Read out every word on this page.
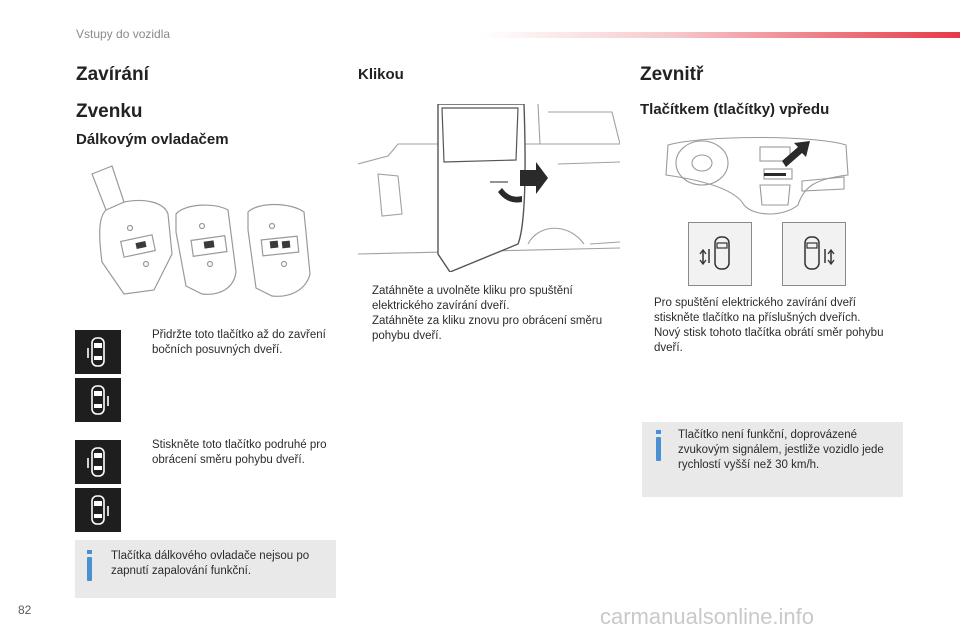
Vstupy do vozidla
Zavírání
Zvenku
Dálkovým ovladačem
Přidržte toto tlačítko až do zavření bočních posuvných dveří.
Stiskněte toto tlačítko podruhé pro obrácení směru pohybu dveří.
Tlačítka dálkového ovladače nejsou po zapnutí zapalování funkční.
Klikou
Zatáhněte a uvolněte kliku pro spuštění elektrického zavírání dveří.
Zatáhněte za kliku znovu pro obrácení směru pohybu dveří.
Zevnitř
Tlačítkem (tlačítky) vpředu
Pro spuštění elektrického zavírání dveří stiskněte tlačítko na příslušných dveřích.
Nový stisk tohoto tlačítka obrátí směr pohybu dveří.
Tlačítko není funkční, doprovázené zvukovým signálem, jestliže vozidlo jede rychlostí vyšší než 30 km/h.
82	carmanualsonline.info
